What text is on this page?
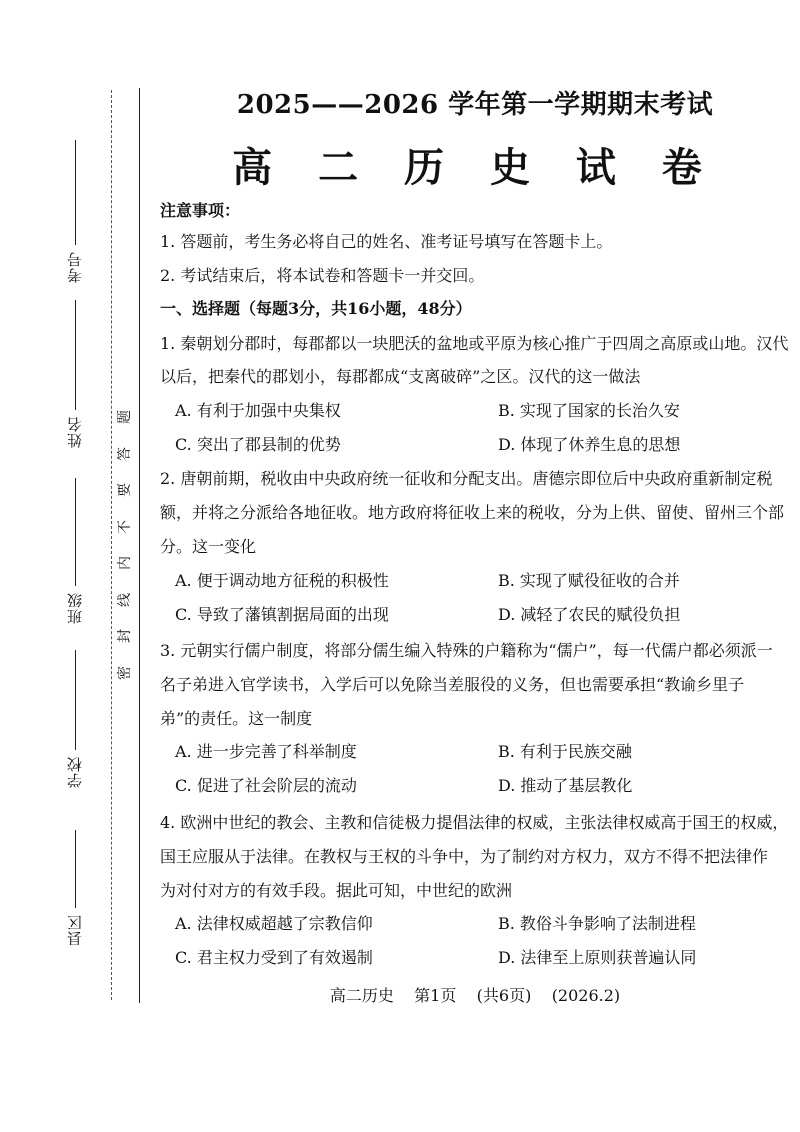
考号
姓名
班级
学校
县区
题
答
要
不
内
线
封
密
2025——2026 学年第一学期期末考试
高 二 历 史 试 卷
注意事项：
1. 答题前，考生务必将自己的姓名、准考证号填写在答题卡上。
2. 考试结束后，将本试卷和答题卡一并交回。
一、选择题（每题3分，共16小题，48分）
1. 秦朝划分郡时，每郡都以一块肥沃的盆地或平原为核心推广于四周之高原或山地。汉代
以后，把秦代的郡划小，每郡都成“支离破碎”之区。汉代的这一做法
A. 有利于加强中央集权	B. 实现了国家的长治久安
C. 突出了郡县制的优势	D. 体现了休养生息的思想
2. 唐朝前期，税收由中央政府统一征收和分配支出。唐德宗即位后中央政府重新制定税
额，并将之分派给各地征收。地方政府将征收上来的税收，分为上供、留使、留州三个部
分。这一变化
A. 便于调动地方征税的积极性	B. 实现了赋役征收的合并
C. 导致了藩镇割据局面的出现	D. 减轻了农民的赋役负担
3. 元朝实行儒户制度，将部分儒生编入特殊的户籍称为“儒户”，每一代儒户都必须派一
名子弟进入官学读书，入学后可以免除当差服役的义务，但也需要承担“教谕乡里子
弟”的责任。这一制度
A. 进一步完善了科举制度	B. 有利于民族交融
C. 促进了社会阶层的流动	D. 推动了基层教化
4. 欧洲中世纪的教会、主教和信徒极力提倡法律的权威，主张法律权威高于国王的权威，
国王应服从于法律。在教权与王权的斗争中，为了制约对方权力，双方不得不把法律作
为对付对方的有效手段。据此可知，中世纪的欧洲
A. 法律权威超越了宗教信仰	B. 教俗斗争影响了法制进程
C. 君主权力受到了有效遏制	D. 法律至上原则获普遍认同
高二历史    第1页    (共6页)    (2026.2)
